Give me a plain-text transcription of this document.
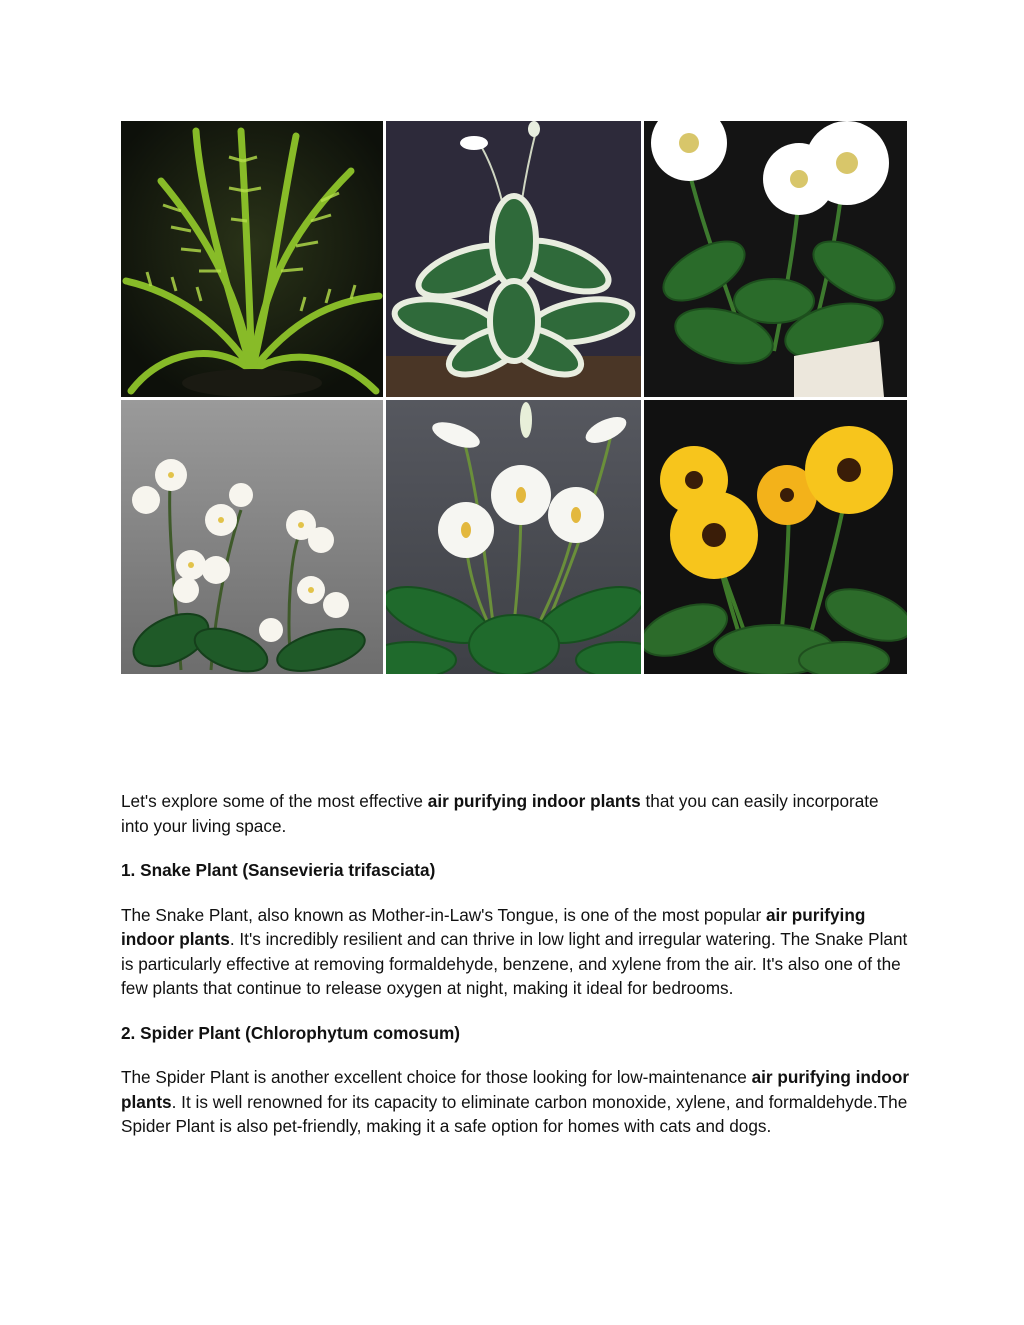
Let's explore some of the most effective air purifying indoor plants that you can easily incorporate into your living space.

1. Snake Plant (Sansevieria trifasciata)

The Snake Plant, also known as Mother-in-Law's Tongue, is one of the most popular air purifying indoor plants. It's incredibly resilient and can thrive in low light and irregular watering. The Snake Plant is particularly effective at removing formaldehyde, benzene, and xylene from the air. It's also one of the few plants that continue to release oxygen at night, making it ideal for bedrooms.

2. Spider Plant (Chlorophytum comosum)

The Spider Plant is another excellent choice for those looking for low-maintenance air purifying indoor plants. It is well renowned for its capacity to eliminate carbon monoxide, xylene, and formaldehyde.The Spider Plant is also pet-friendly, making it a safe option for homes with cats and dogs.
